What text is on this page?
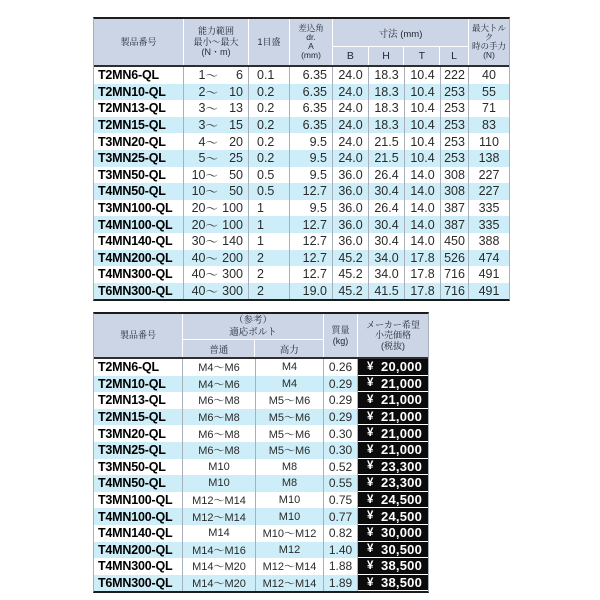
製品番号
能力範囲
最小～最大
(N・m)
1目盛
差込角
dr.
A
(mm)
寸法 (mm)
B	H	T	L
最大トルク
時の手力
(N)
T2MN6-QL	1 ～	6	0.1	6.35 24.0 18.3 10.4 222	40
T2MN10-QL	2 ～ 10	0.2	6.35 24.0 18.3 10.4 253	55
T2MN13-QL	3 ～ 13	0.2	6.35 24.0 18.3 10.4 253	71
T2MN15-QL	3 ～ 15	0.2	6.35 24.0 18.3 10.4 253	83
T3MN20-QL	4 ～ 20	0.2	9.5 24.0 21.5 10.4 253	110
T3MN25-QL	5 ～ 25	0.2	9.5 24.0 21.5 10.4 253	138
T3MN50-QL	10 ～ 50	0.5	9.5 36.0 26.4 14.0 308	227
T4MN50-QL	10 ～ 50	0.5	12.7 36.0 30.4 14.0 308	227
T3MN100-QL	20 ～ 100	1	9.5 36.0 26.4 14.0 387	335
T4MN100-QL	20 ～ 100	1	12.7 36.0 30.4 14.0 387	335
T4MN140-QL	30 ～ 140	1	12.7 36.0 30.4 14.0 450	388
T4MN200-QL	40 ～ 200	2	12.7 45.2 34.0 17.8 526	474
T4MN300-QL	40 ～ 300	2	12.7 45.2 34.0 17.8 716	491
T6MN300-QL	40 ～ 300	2	19.0 45.2 41.5 17.8 716	491
製品番号
（参考）
適応ボルト
普通	高力
質量
(kg)
メーカー希望
小売価格
(税抜)
T2MN6-QL	M4～M6	M4	0.26	¥ 20,000
T2MN10-QL	M4～M6	M4	0.29	¥ 21,000
T2MN13-QL	M6～M8	M5～M6	0.29	¥ 21,000
T2MN15-QL	M6～M8	M5～M6	0.29	¥ 21,000
T3MN20-QL	M6～M8	M5～M6	0.30	¥ 21,000
T3MN25-QL	M6～M8	M5～M6	0.30	¥ 21,000
T3MN50-QL	M10	M8	0.52	¥ 23,300
T4MN50-QL	M10	M8	0.55	¥ 23,300
T3MN100-QL	M12～M14	M10	0.75	¥ 24,500
T4MN100-QL	M12～M14	M10	0.77	¥ 24,500
T4MN140-QL	M14	M10～M12	0.82	¥ 30,000
T4MN200-QL	M14～M16	M12	1.40	¥ 30,500
T4MN300-QL	M14～M20	M12～M14	1.88	¥ 38,500
T6MN300-QL	M14～M20	M12～M14	1.89	¥ 38,500
